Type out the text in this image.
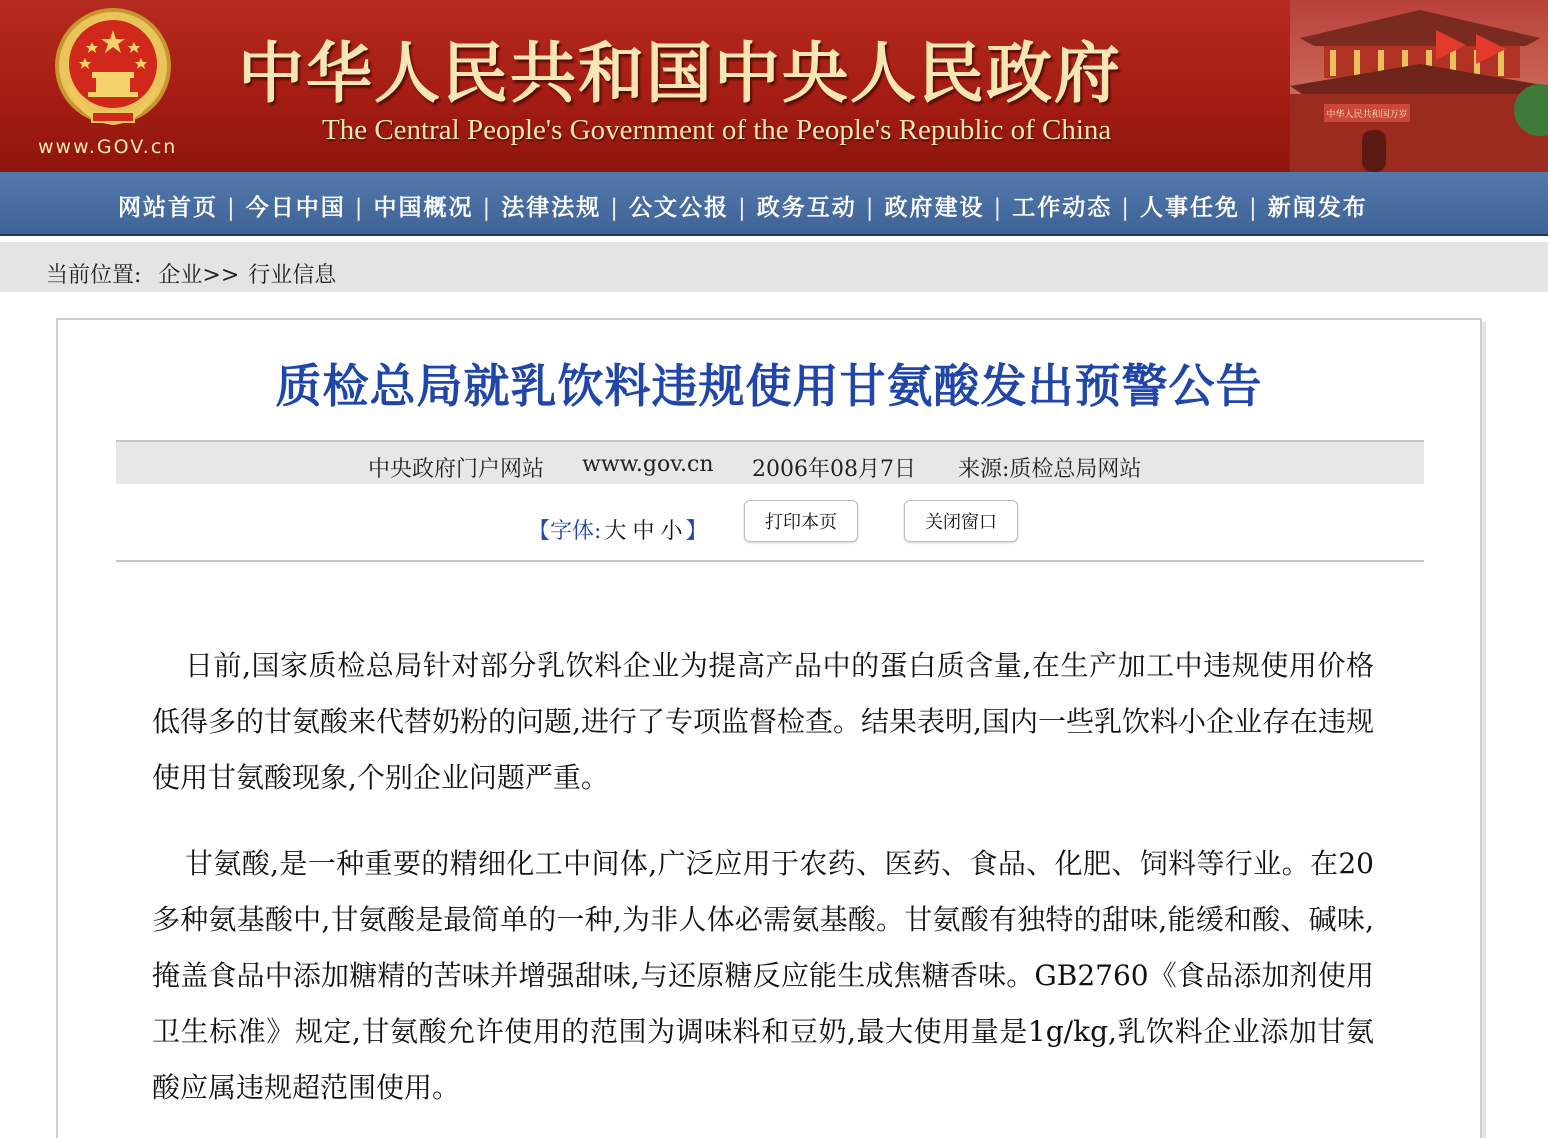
www.GOV.cn
中华人民共和国中央人民政府
The Central People's Government of the People's Republic of China	中华人民共和国万岁
网站首页 | 今日中国 | 中国概况 | 法律法规 | 公文公报 | 政务互动 | 政府建设 | 工作动态 | 人事任免 | 新闻发布
当前位置: 企业>> 行业信息
质检总局就乳饮料违规使用甘氨酸发出预警公告
中央政府门户网站 www.gov.cn 2006年08月7日 来源:质检总局网站
【字体: 大 中 小 】	打印本页	关闭窗口

日前,国家质检总局针对部分乳饮料企业为提高产品中的蛋白质含量,在生产加工中违规使用价格低得多的甘氨酸来代替奶粉的问题,进行了专项监督检查。结果表明,国内一些乳饮料小企业存在违规使用甘氨酸现象,个别企业问题严重。

甘氨酸,是一种重要的精细化工中间体,广泛应用于农药、医药、食品、化肥、饲料等行业。在20多种氨基酸中,甘氨酸是最简单的一种,为非人体必需氨基酸。甘氨酸有独特的甜味,能缓和酸、碱味,掩盖食品中添加糖精的苦味并增强甜味,与还原糖反应能生成焦糖香味。GB2760《食品添加剂使用卫生标准》规定,甘氨酸允许使用的范围为调味料和豆奶,最大使用量是1g/kg,乳饮料企业添加甘氨酸应属违规超范围使用。
